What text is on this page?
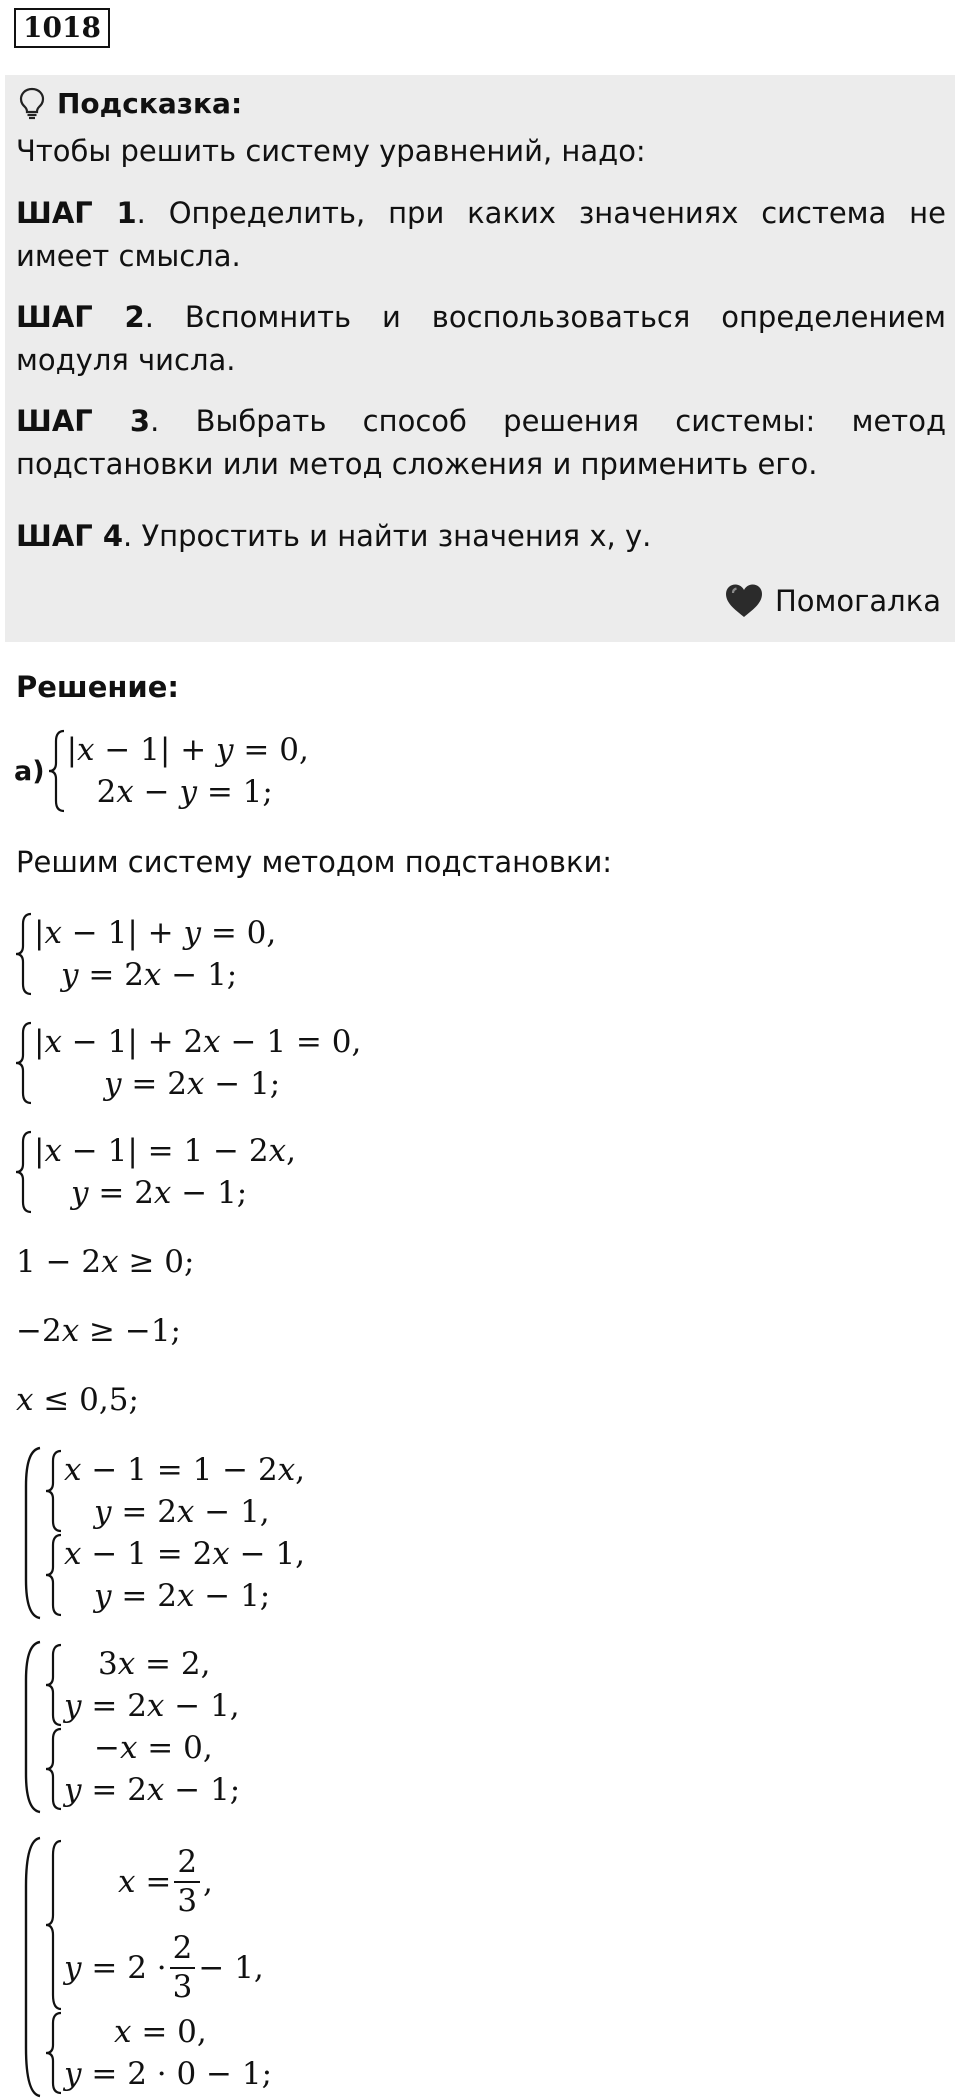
1018
Подсказка:

Чтобы решить систему уравнений, надо:

ШАГ 1. Определить, при каких значениях система не имеет смысла.

ШАГ 2. Вспомнить и воспользоваться определением модуля числа.

ШАГ 3. Выбрать способ решения системы: метод подстановки или метод сложения и применить его.

ШАГ 4. Упростить и найти значения х, у.

Помогалка
Решение:
а)
|𝑥 − 1| + 𝑦 = 0,
2𝑥 − 𝑦 = 1;
Решим систему методом подстановки:
|𝑥 − 1| + 𝑦 = 0,
𝑦 = 2𝑥 − 1;
|𝑥 − 1| + 2𝑥 − 1 = 0,
𝑦 = 2𝑥 − 1;
|𝑥 − 1| = 1 − 2𝑥,
𝑦 = 2𝑥 − 1;
1 − 2𝑥 ≥ 0;
−2𝑥 ≥ −1;
𝑥 ≤ 0,5;
𝑥 − 1 = 1 − 2𝑥,
𝑦 = 2𝑥 − 1,
𝑥 − 1 = 2𝑥 − 1,
𝑦 = 2𝑥 − 1;
3𝑥 = 2,
𝑦 = 2𝑥 − 1,
−𝑥 = 0,
𝑦 = 2𝑥 − 1;
𝑥 = $\frac{2}{3}$ ,
𝑦 = $2 \cdot \frac{2}{3} - 1$,
𝑥 = 0,
𝑦 = 2 · 0 − 1;
